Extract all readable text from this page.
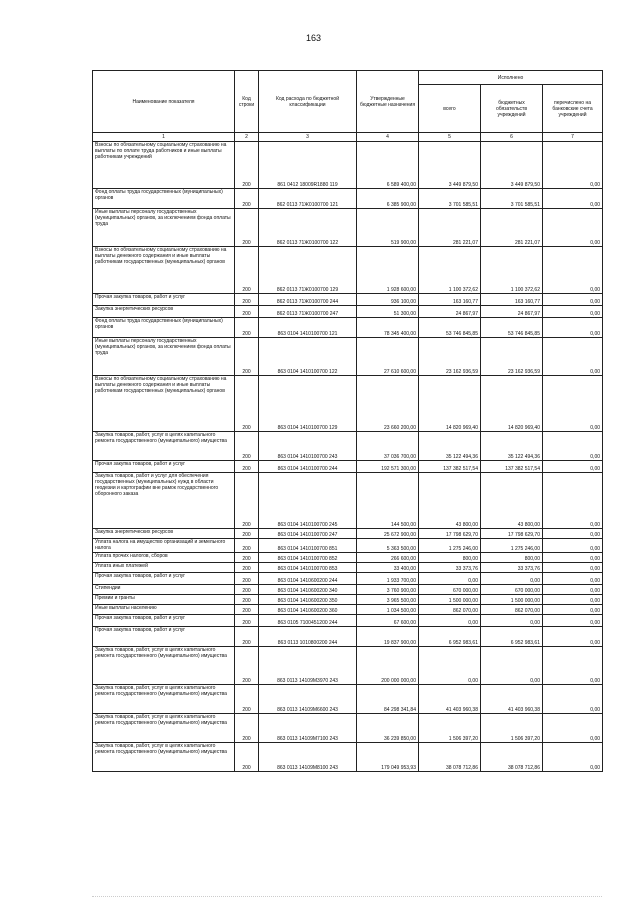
163
Наименование показателя	Код строки	Код расхода по бюджетной классификации	Утвержденные бюджетные назначения	Исполнено		
				всего	бюджетных обязательств учреждений	перечислено на банковские счета учреждений
1	2	3	4	5	6	7
Взносы по обязательному социальному страхованию на выплаты по оплате труда работников и иные выплаты работникам учреждений	200	861 0412 18009R1880 119	6 589 400,00	3 449 879,50	3 449 879,50	0,00
Фонд оплаты труда государственных (муниципальных) органов	200	862 0113 71Ж0100700 121	6 385 900,00	3 701 585,51	3 701 585,51	0,00
Иные выплаты персоналу государственных (муниципальных) органов, за исключением фонда оплаты труда	200	862 0113 71Ж0100700 122	519 900,00	281 221,07	281 221,07	0,00
Взносы по обязательному социальному страхованию на выплаты денежного содержания и иные выплаты работникам государственных (муниципальных) органов	200	862 0113 71Ж0100700 129	1 928 600,00	1 100 372,62	1 100 372,62	0,00
Прочая закупка товаров, работ и услуг	200	862 0113 71Ж0100700 244	936 100,00	163 160,77	163 160,77	0,00
Закупка энергетических ресурсов	200	862 0113 71Ж0100700 247	51 300,00	24 867,97	24 867,97	0,00
Фонд оплаты труда государственных (муниципальных) органов	200	863 0104 1410100700 121	78 345 400,00	53 746 845,85	53 746 845,85	0,00
Иные выплаты персоналу государственных (муниципальных) органов, за исключением фонда оплаты труда	200	863 0104 1410100700 122	27 610 600,00	23 162 936,59	23 162 936,59	0,00
Взносы по обязательному социальному страхованию на выплаты денежного содержания и иные выплаты работникам государственных (муниципальных) органов	200	863 0104 1410100700 129	23 660 200,00	14 820 969,40	14 820 969,40	0,00
Закупка товаров, работ, услуг в целях капитального ремонта государственного (муниципального) имущества	200	863 0104 1410100700 243	37 036 700,00	35 122 494,36	35 122 494,36	0,00
Прочая закупка товаров, работ и услуг	200	863 0104 1410100700 244	192 571 300,00	137 382 517,54	137 382 517,54	0,00
Закупка товаров, работ и услуг для обеспечения государственных (муниципальных) нужд в области геодезии и картографии вне рамок государственного оборонного заказа	200	863 0104 1410100700 245	144 500,00	43 800,00	43 800,00	0,00
Закупка энергетических ресурсов	200	863 0104 1410100700 247	25 672 900,00	17 798 629,70	17 798 629,70	0,00
Уплата налога на имущество организаций и земельного налога	200	863 0104 1410100700 851	5 363 500,00	1 275 246,00	1 275 246,00	0,00
Уплата прочих налогов, сборов	200	863 0104 1410100700 852	266 600,00	800,00	800,00	0,00
Уплата иных платежей	200	863 0104 1410100700 853	33 400,00	33 373,76	33 373,76	0,00
Прочая закупка товаров, работ и услуг	200	863 0104 1410600200 244	1 933 700,00	0,00	0,00	0,00
Стипендии	200	863 0104 1410600200 340	3 760 900,00	670 000,00	670 000,00	0,00
Премии и гранты	200	863 0104 1410600200 350	3 965 500,00	1 500 000,00	1 500 000,00	0,00
Иные выплаты населению	200	863 0104 1410600200 360	1 034 500,00	862 070,00	862 070,00	0,00
Прочая закупка товаров, работ и услуг	200	863 0105 7100451200 244	67 600,00	0,00	0,00	0,00
Прочая закупка товаров, работ и услуг	200	863 0113 1010800200 244	19 837 900,00	6 952 983,61	6 952 983,61	0,00
Закупка товаров, работ, услуг в целях капитального ремонта государственного (муниципального) имущества	200	863 0113 14109М3970 243	200 000 000,00	0,00	0,00	0,00
Закупка товаров, работ, услуг в целях капитального ремонта государственного (муниципального) имущества	200	863 0113 14109М6600 243	84 298 341,84	41 403 960,38	41 403 960,38	0,00
Закупка товаров, работ, услуг в целях капитального ремонта государственного (муниципального) имущества	200	863 0113 14109М7100 243	36 239 850,00	1 506 397,20	1 506 397,20	0,00
Закупка товаров, работ, услуг в целях капитального ремонта государственного (муниципального) имущества	200	863 0113 14109М8100 243	179 049 953,93	38 078 712,86	38 078 712,86	0,00
